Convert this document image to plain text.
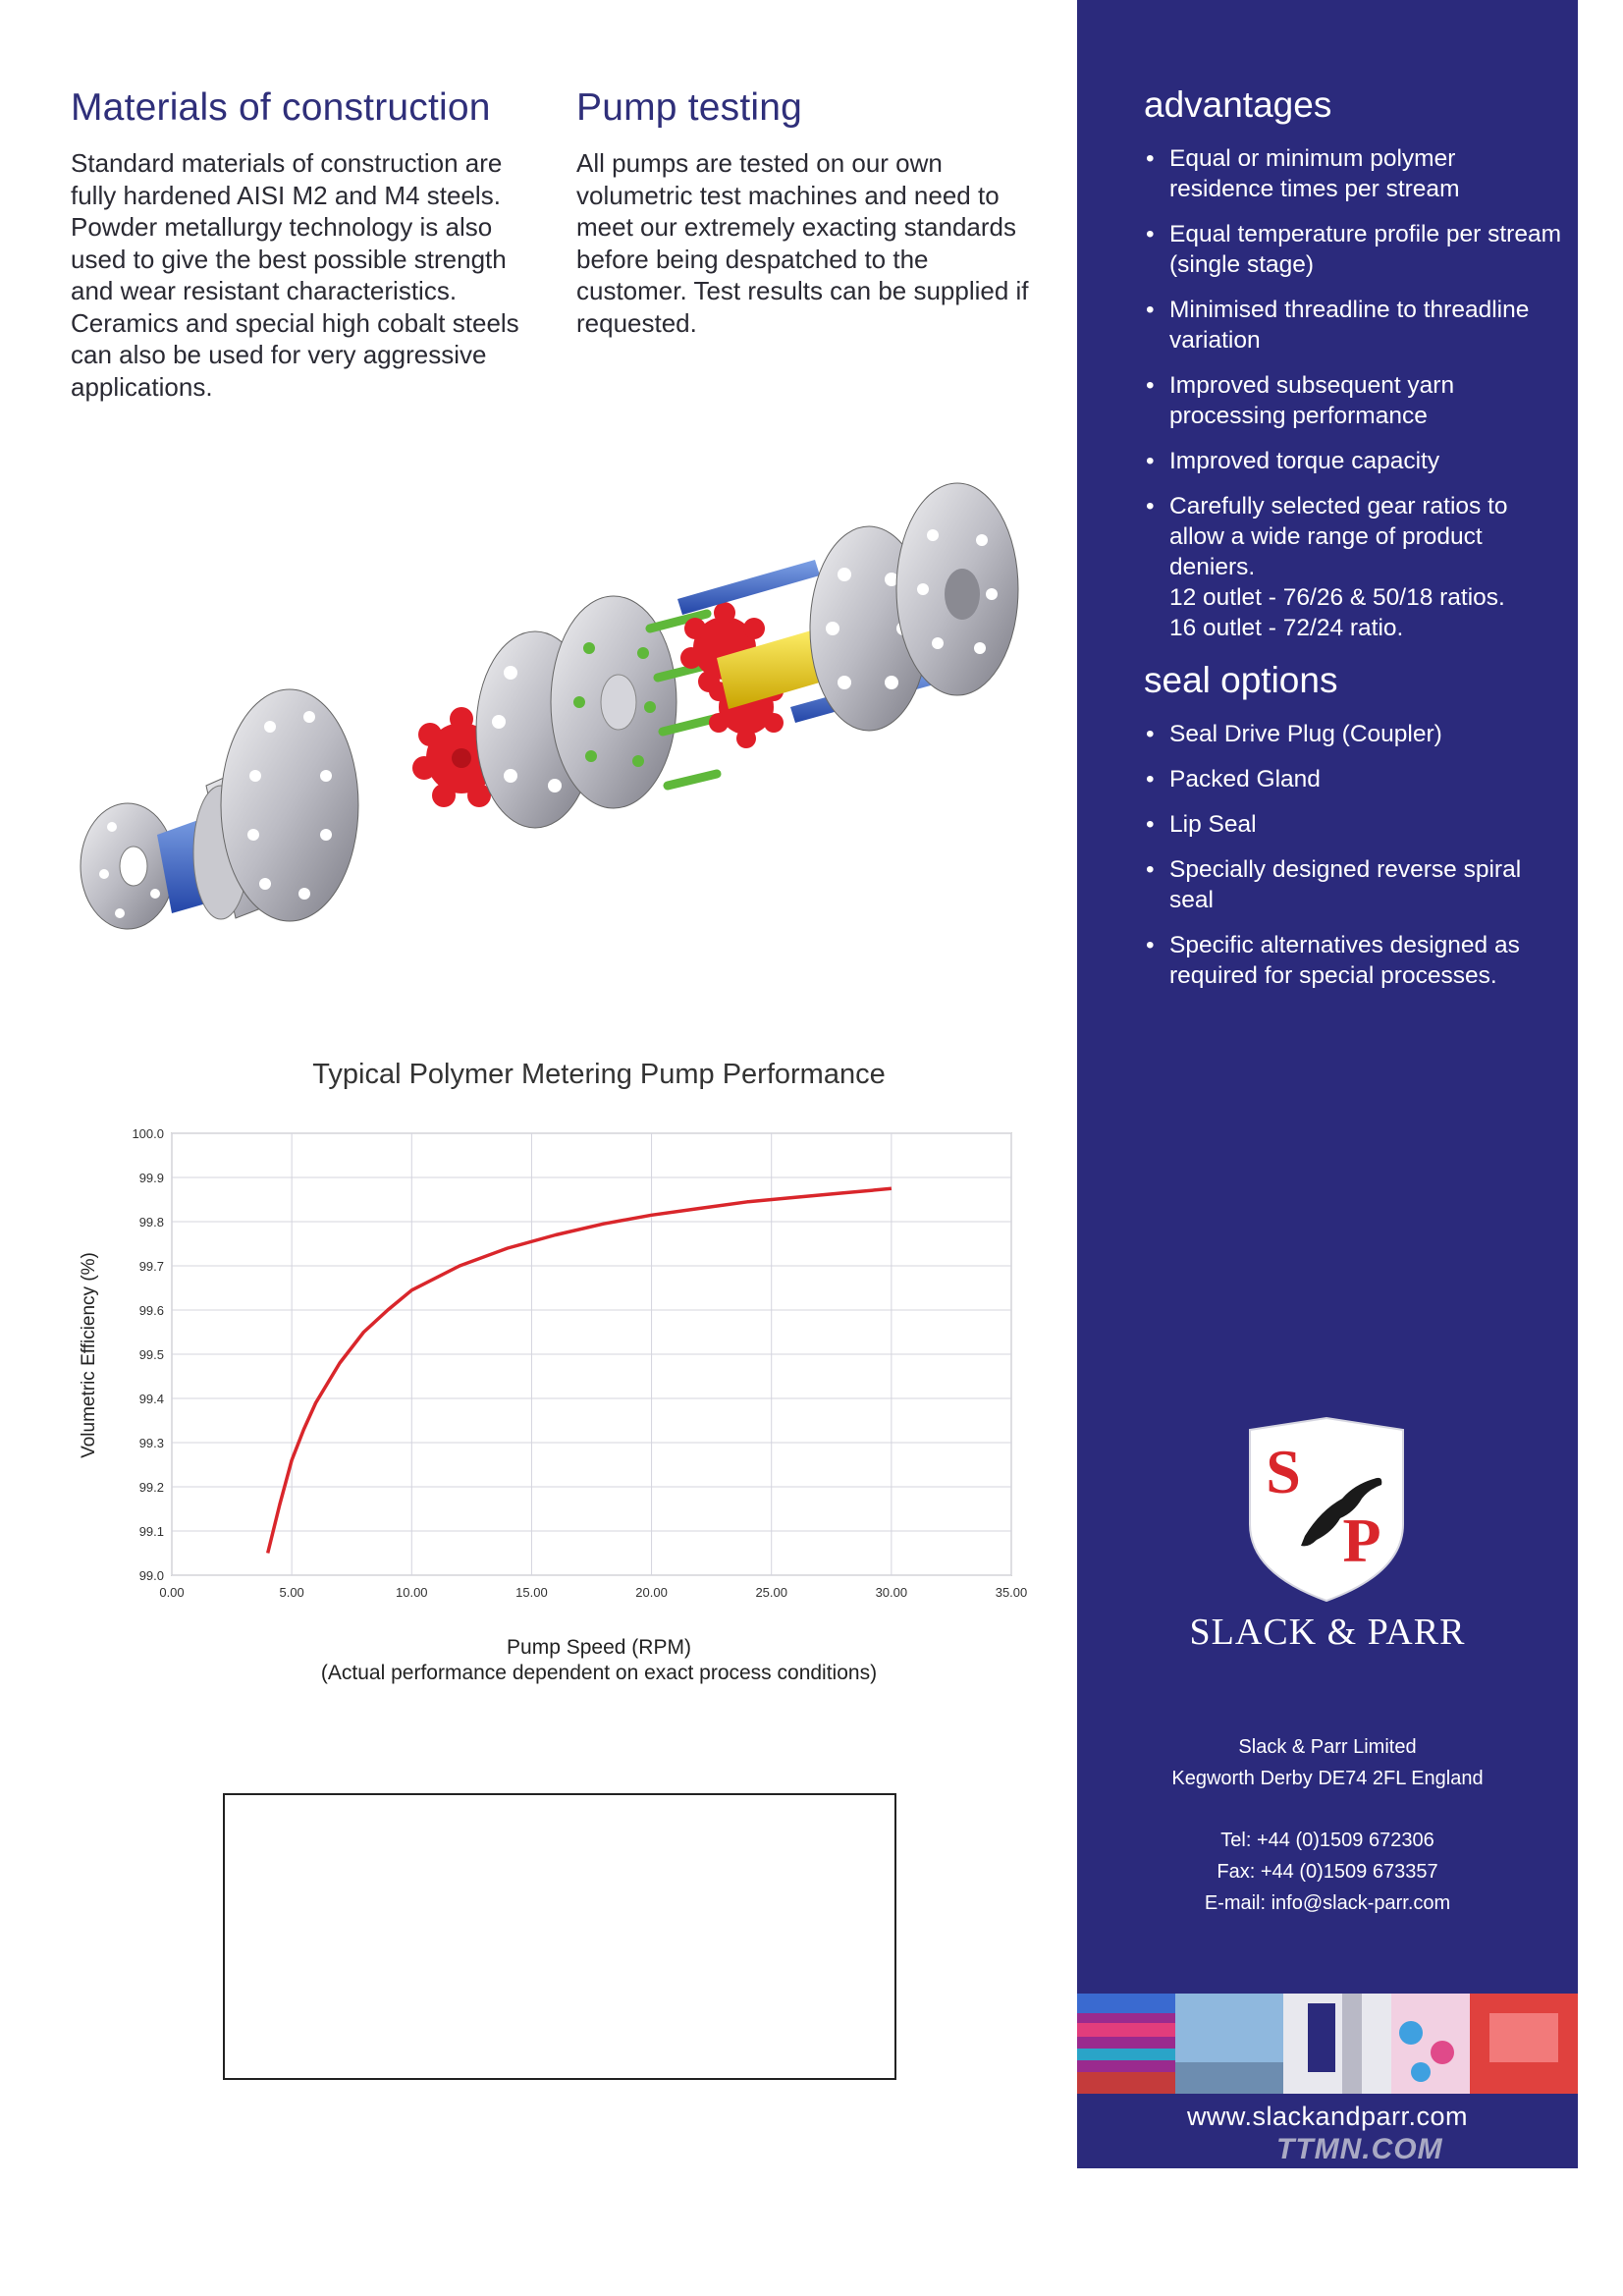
Materials of construction

Standard materials of construction are fully hardened AISI M2 and M4 steels. Powder metallurgy technology is also used to give the best possible strength and wear resistant characteristics. Ceramics and special high cobalt steels can also be used for very aggressive applications.

Pump testing

All pumps are tested on our own volumetric test machines and need to meet our extremely exacting standards before being despatched to the customer. Test results can be supplied if requested.

Typical Polymer Metering Pump Performance
99.0
99.1
99.2
99.3
99.4
99.5
99.6
99.7
99.8
99.9
100.0
0.00	5.00	10.00	15.00	20.00	25.00	30.00	35.00
Volumetric Efficiency (%)
Pump Speed (RPM)
(Actual performance dependent on exact process conditions)
advantages
• Equal or minimum polymer residence times per stream
• Equal temperature profile per stream (single stage)
• Minimised threadline to threadline variation
• Improved subsequent yarn processing performance
• Improved torque capacity
• Carefully selected gear ratios to allow a wide range of product deniers.
12 outlet - 76/26 & 50/18 ratios.
16 outlet - 72/24 ratio.
seal options
• Seal Drive Plug (Coupler)
• Packed Gland
• Lip Seal
• Specially designed reverse spiral seal
• Specific alternatives designed as required for special processes.
S
P
SLACK & PARR
Slack & Parr Limited
Kegworth Derby DE74 2FL England
Tel: +44 (0)1509 672306
Fax: +44 (0)1509 673357
E-mail: info@slack-parr.com
www.slackandparr.com
TTMN.COM
